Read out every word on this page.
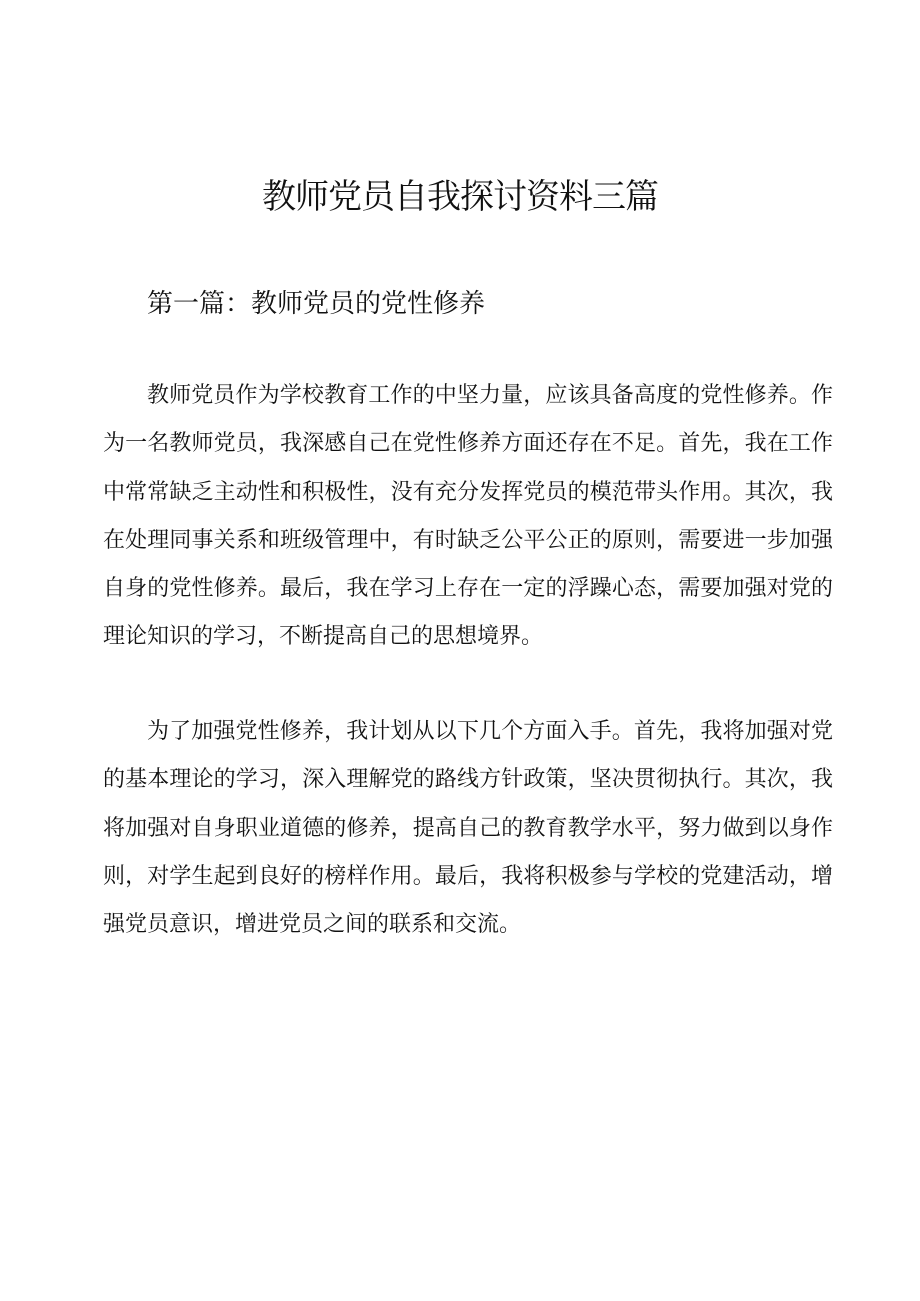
教师党员自我探讨资料三篇
第一篇：教师党员的党性修养

教师党员作为学校教育工作的中坚力量，应该具备高度的党性修养。作为一名教师党员，我深感自己在党性修养方面还存在不足。首先，我在工作中常常缺乏主动性和积极性，没有充分发挥党员的模范带头作用。其次，我在处理同事关系和班级管理中，有时缺乏公平公正的原则，需要进一步加强自身的党性修养。最后，我在学习上存在一定的浮躁心态，需要加强对党的理论知识的学习，不断提高自己的思想境界。

为了加强党性修养，我计划从以下几个方面入手。首先，我将加强对党的基本理论的学习，深入理解党的路线方针政策，坚决贯彻执行。其次，我将加强对自身职业道德的修养，提高自己的教育教学水平，努力做到以身作则，对学生起到良好的榜样作用。最后，我将积极参与学校的党建活动，增强党员意识，增进党员之间的联系和交流。
